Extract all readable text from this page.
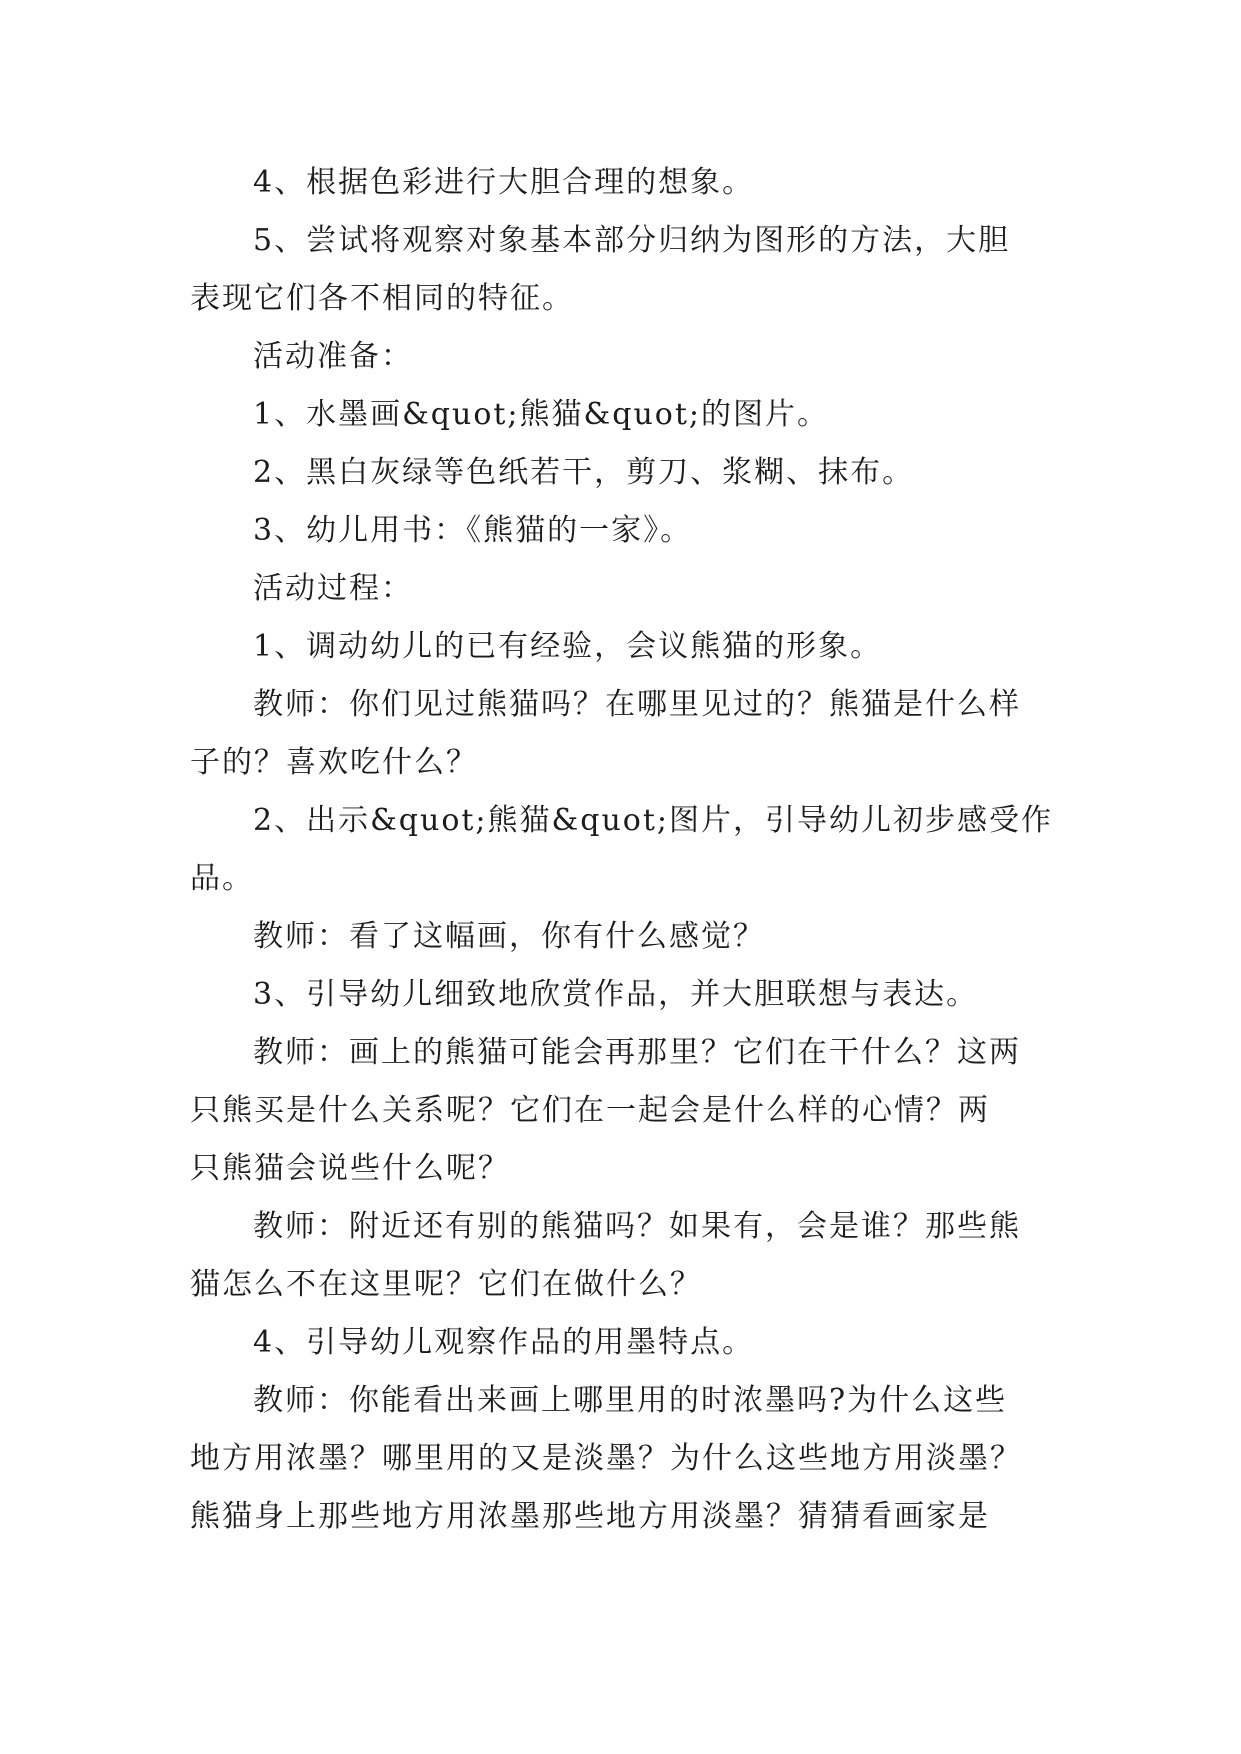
4、根据色彩进行大胆合理的想象。
5、尝试将观察对象基本部分归纳为图形的方法，大胆
表现它们各不相同的特征。
活动准备：
1、水墨画&quot;熊猫&quot;的图片。
2、黑白灰绿等色纸若干，剪刀、浆糊、抹布。
3、幼儿用书：《熊猫的一家》。
活动过程：
1、调动幼儿的已有经验，会议熊猫的形象。
教师：你们见过熊猫吗？在哪里见过的？熊猫是什么样
子的？喜欢吃什么？
2、出示&quot;熊猫&quot;图片，引导幼儿初步感受作
品。
教师：看了这幅画，你有什么感觉？
3、引导幼儿细致地欣赏作品，并大胆联想与表达。
教师：画上的熊猫可能会再那里？它们在干什么？这两
只熊买是什么关系呢？它们在一起会是什么样的心情？两
只熊猫会说些什么呢？
教师：附近还有别的熊猫吗？如果有，会是谁？那些熊
猫怎么不在这里呢？它们在做什么？
4、引导幼儿观察作品的用墨特点。
教师：你能看出来画上哪里用的时浓墨吗?为什么这些
地方用浓墨？哪里用的又是淡墨？为什么这些地方用淡墨？
熊猫身上那些地方用浓墨那些地方用淡墨？猜猜看画家是
